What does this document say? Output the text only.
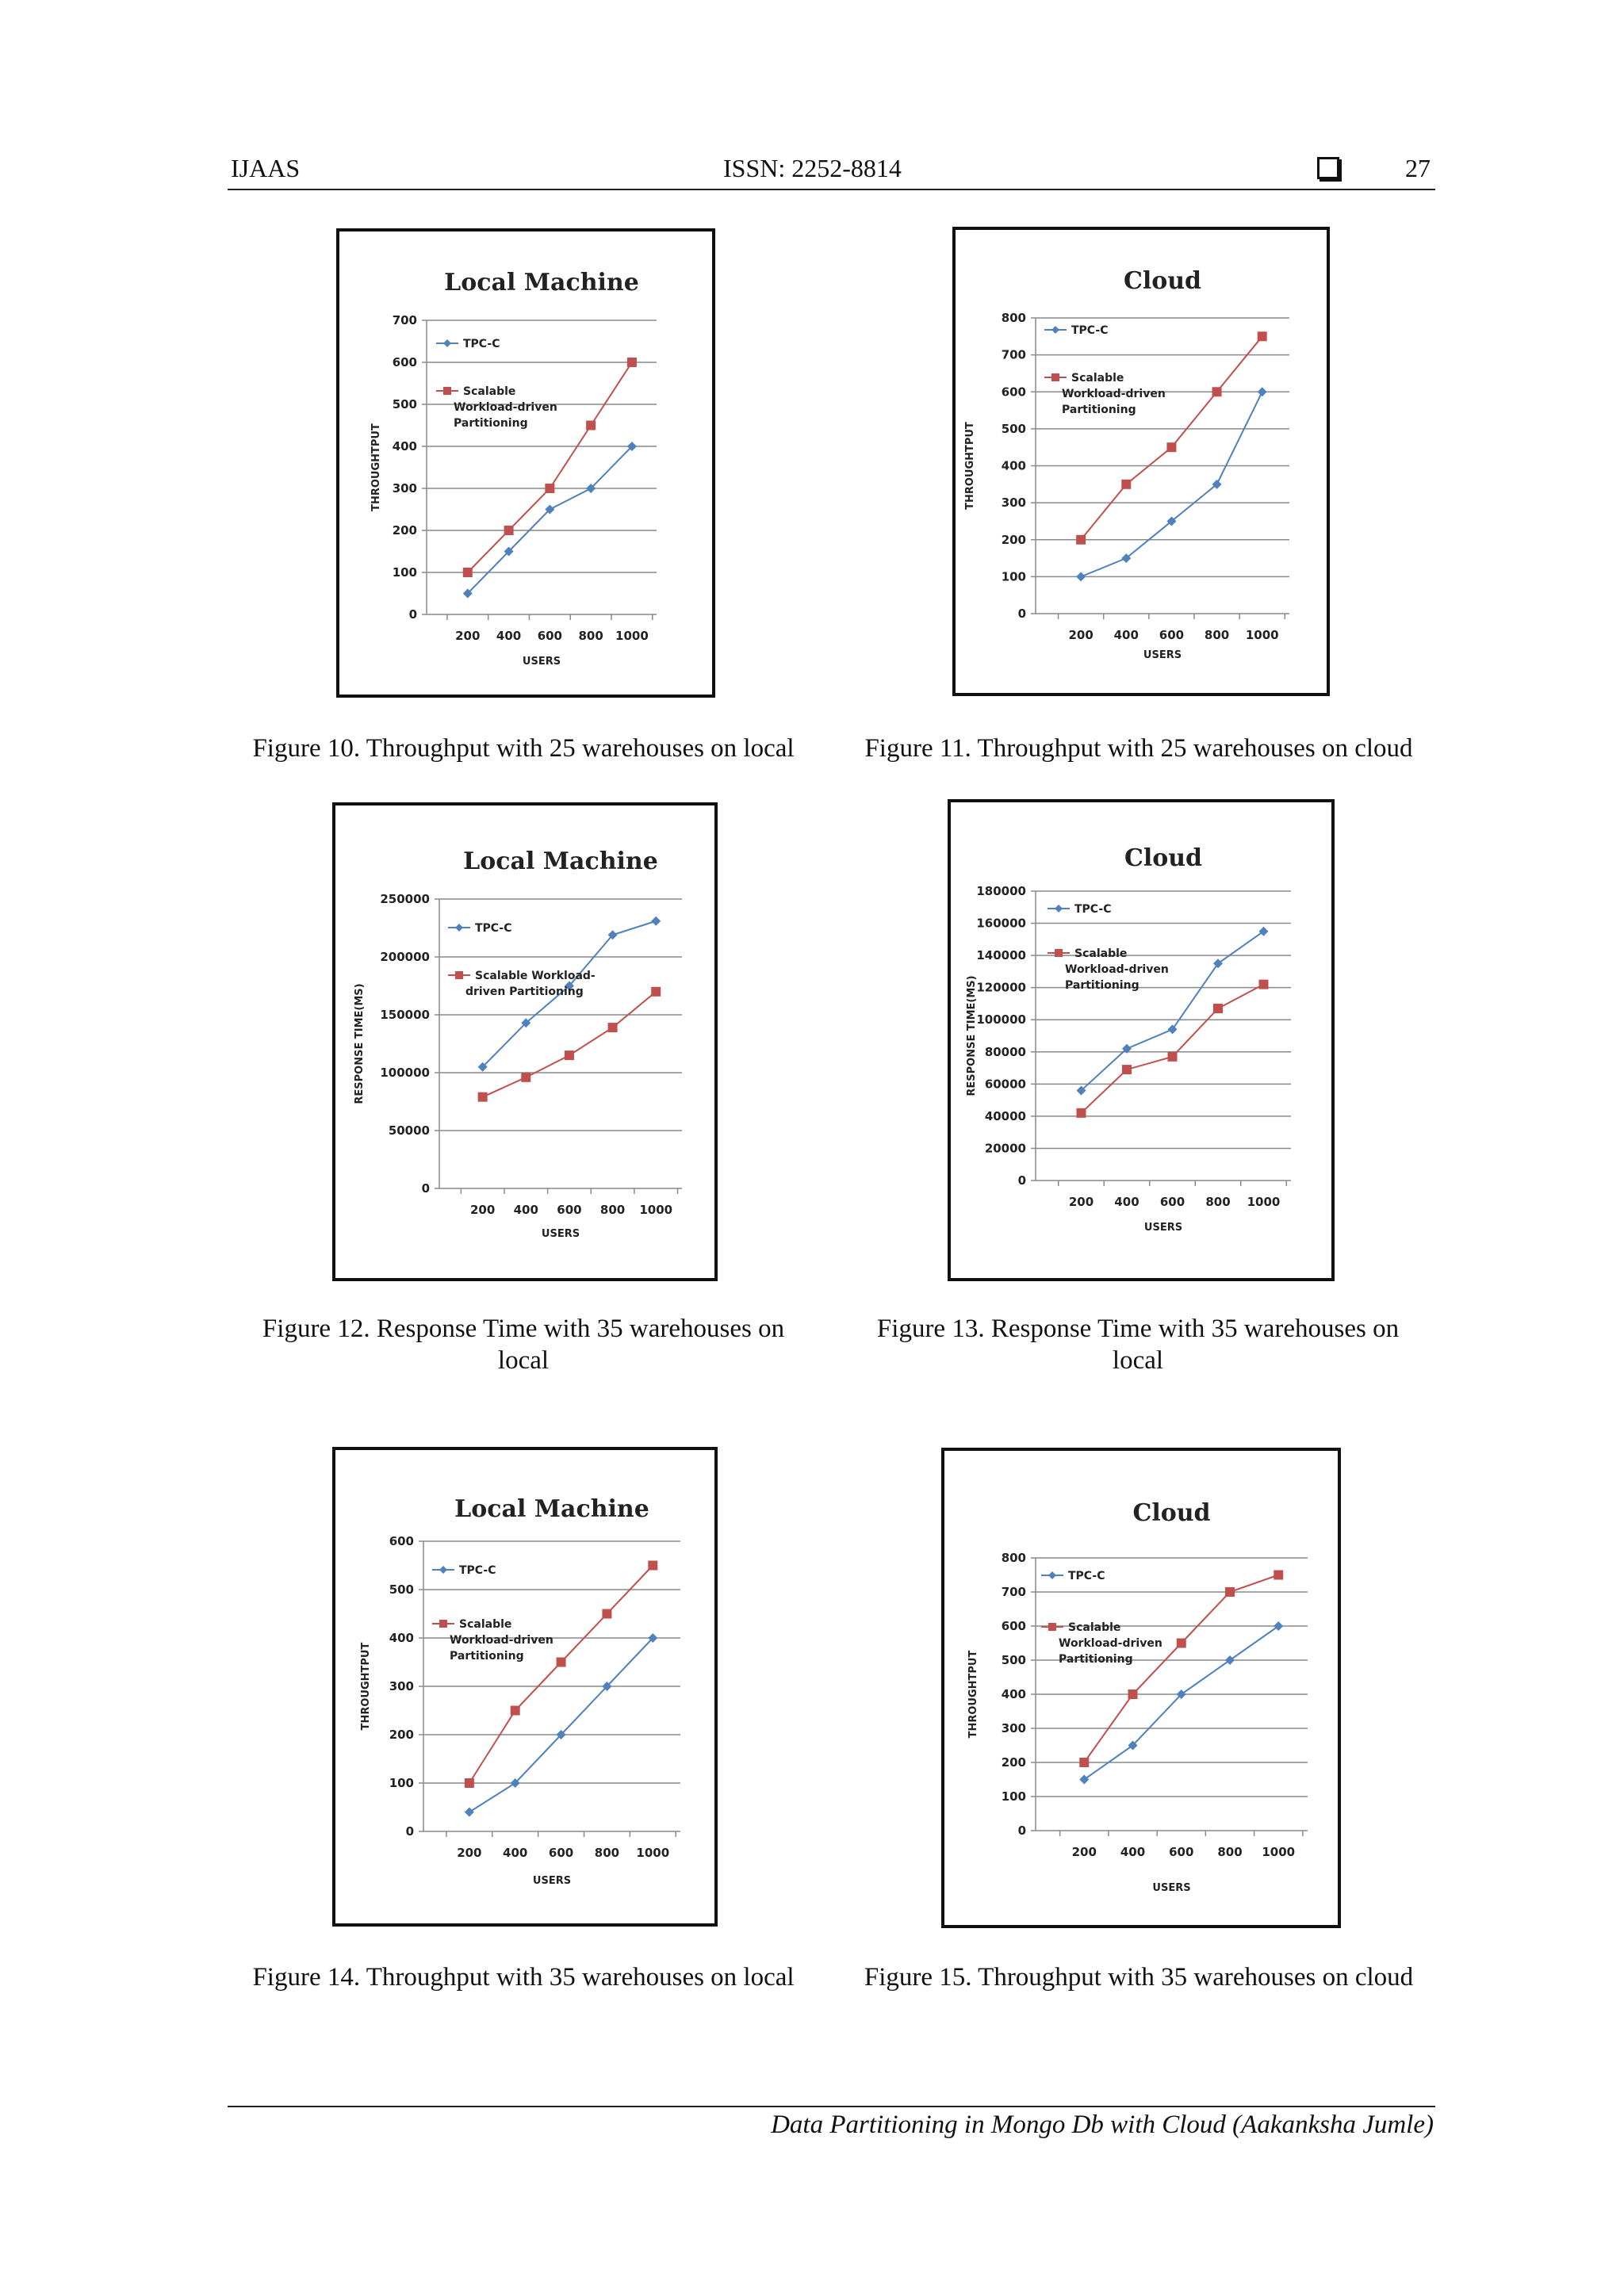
IJAAS	ISSN: 2252-8814	27
Local Machine
0
100
200
300
400
500
600
700
200 400 600 800 1000
USERS
THROUGHTPUT
TPC-C
Scalable Workload-driven Partitioning
Cloud
0
100
200
300
400
500
600
700
800
200 400 600 800 1000
USERS
THROUGHTPUT
TPC-C
Scalable Workload-driven Partitioning
Local Machine
0
50000
100000
150000
200000
250000
200 400 600 800 1000
USERS
RESPONSE TIME(MS)
TPC-C
Scalable Workload-driven Partitioning
Cloud
0
20000
40000
60000
80000
100000
120000
140000
160000
180000
200 400 600 800 1000
USERS
RESPONSE TIME(MS)
TPC-C
Scalable Workload-driven Partitioning
Local Machine
0
100
200
300
400
500
600
200 400 600 800 1000
USERS
THROUGHTPUT
TPC-C
Scalable Workload-driven Partitioning
Cloud
0
100
200
300
400
500
600
700
800
200 400 600 800 1000
USERS
THROUGHTPUT
TPC-C
Scalable Workload-driven Partitioning
Figure 10. Throughput with 25 warehouses on local	Figure 11. Throughput with 25 warehouses on cloud
Figure 12. Response Time with 35 warehouses on local
Figure 13. Response Time with 35 warehouses on local
Figure 14. Throughput with 35 warehouses on local	Figure 15. Throughput with 35 warehouses on cloud
Data Partitioning in Mongo Db with Cloud (Aakanksha Jumle)
